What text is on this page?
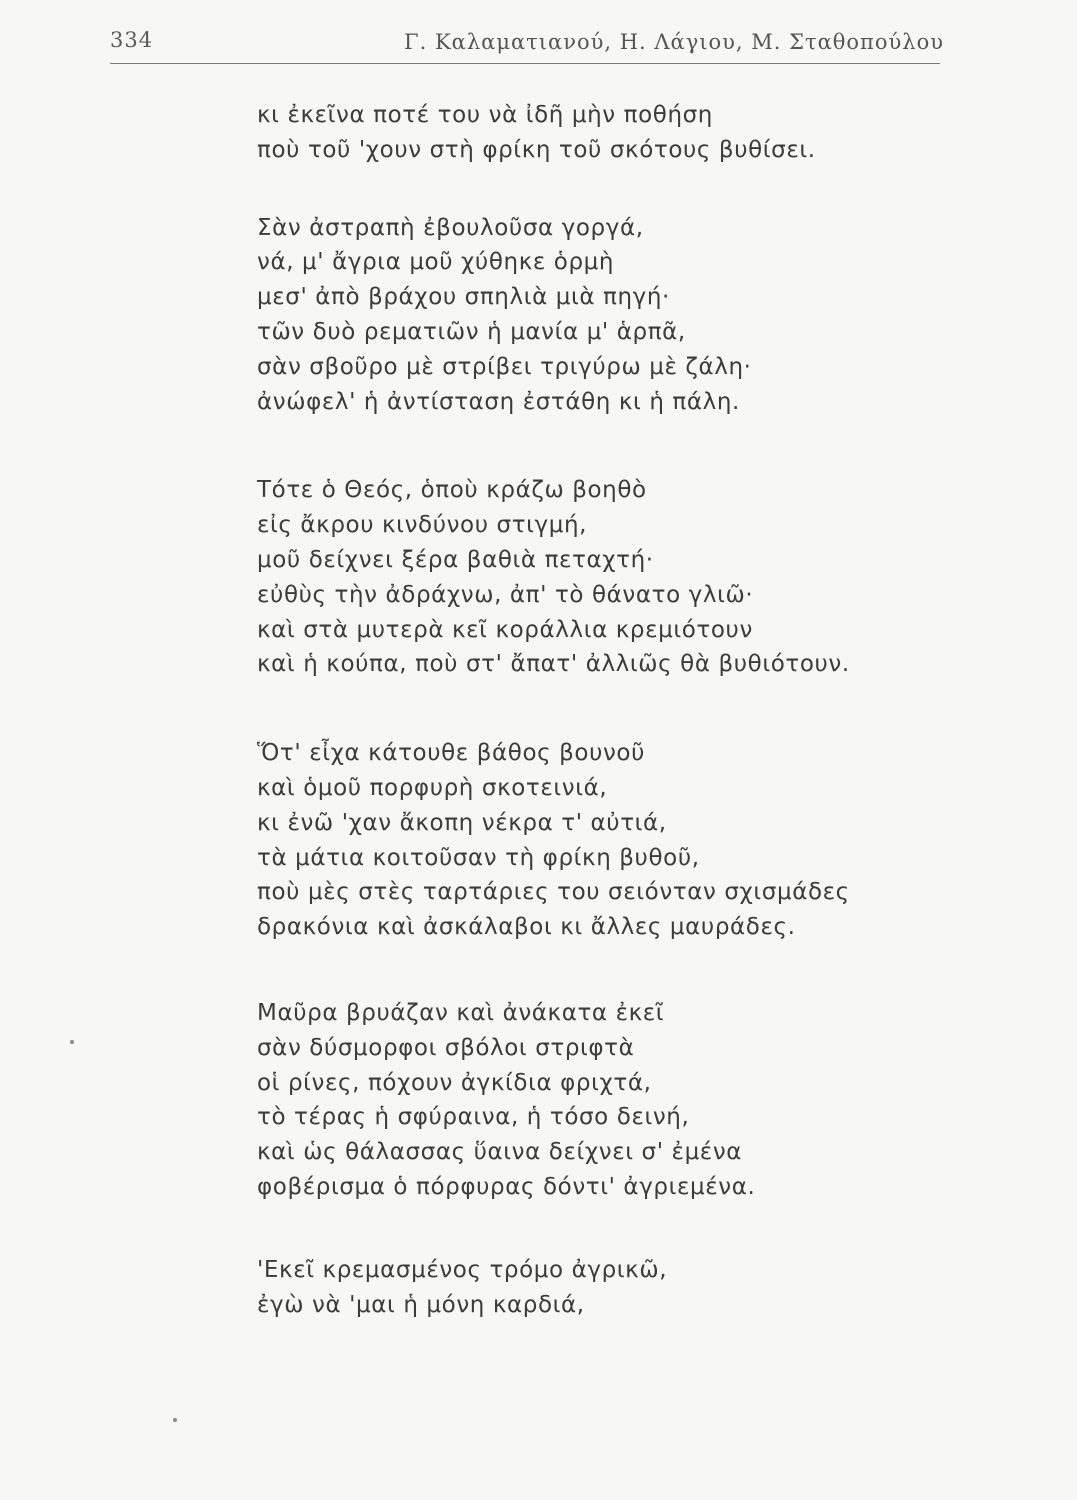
334	Γ. Καλαματιανού, Η. Λάγιου, Μ. Σταθοπούλου
κι ἐκεῖνα ποτέ του νὰ ἰδῆ μὴν ποθήση
ποὺ τοῦ 'χουν στὴ φρίκη τοῦ σκότους βυθίσει.
Σὰν ἀστραπὴ ἐβουλοῦσα γοργά,
νά, μ' ἄγρια μοῦ χύθηκε ὁρμὴ
μεσ' ἀπὸ βράχου σπηλιὰ μιὰ πηγή·
τῶν δυὸ ρεματιῶν ἡ μανία μ' ἁρπᾶ,
σὰν σβοῦρο μὲ στρίβει τριγύρω μὲ ζάλη·
ἀνώφελ' ἡ ἀντίσταση ἐστάθη κι ἡ πάλη.
Τότε ὁ Θεός, ὁποὺ κράζω βοηθὸ
εἰς ἄκρου κινδύνου στιγμή,
μοῦ δείχνει ξέρα βαθιὰ πεταχτή·
εὐθὺς τὴν ἀδράχνω, ἀπ' τὸ θάνατο γλιῶ·
καὶ στὰ μυτερὰ κεῖ κοράλλια κρεμιότουν
καὶ ἡ κούπα, ποὺ στ' ἄπατ' ἀλλιῶς θὰ βυθιότουν.
Ὅτ' εἶχα κάτουθε βάθος βουνοῦ
καὶ ὁμοῦ πορφυρὴ σκοτεινιά,
κι ἐνῶ 'χαν ἄκοπη νέκρα τ' αὐτιά,
τὰ μάτια κοιτοῦσαν τὴ φρίκη βυθοῦ,
ποὺ μὲς στὲς ταρτάριες του σειόνταν σχισμάδες
δρακόνια καὶ ἀσκάλαβοι κι ἄλλες μαυράδες.
Μαῦρα βρυάζαν καὶ ἀνάκατα ἐκεῖ
σὰν δύσμορφοι σβόλοι στριφτὰ
οἱ ρίνες, πόχουν ἀγκίδια φριχτά,
τὸ τέρας ἡ σφύραινα, ἡ τόσο δεινή,
καὶ ὡς θάλασσας ὕαινα δείχνει σ' ἐμένα
φοβέρισμα ὁ πόρφυρας δόντι' ἀγριεμένα.
'Εκεῖ κρεμασμένος τρόμο ἀγρικῶ,
ἐγὼ νὰ 'μαι ἡ μόνη καρδιά,
